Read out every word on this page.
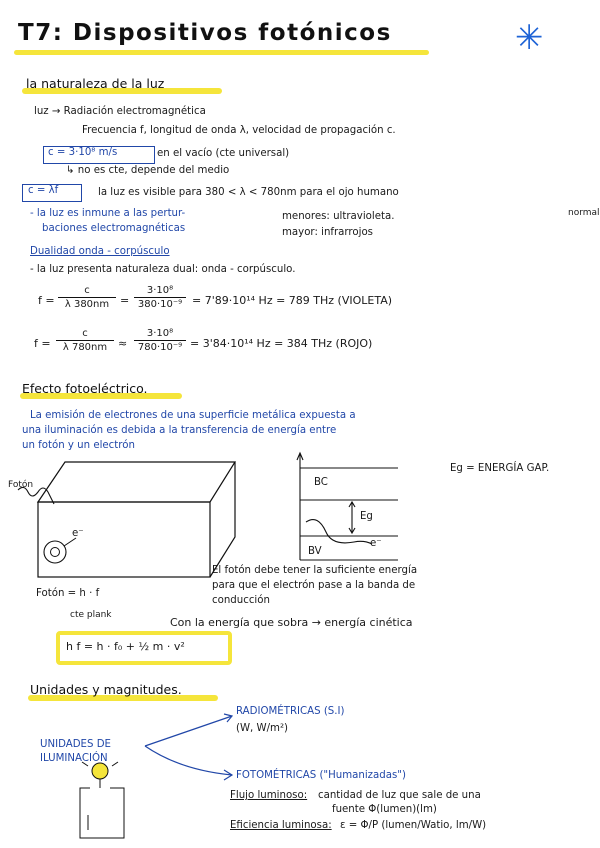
T7: Dispositivos fotónicos	✳
la naturaleza de la luz
luz → Radiación electromagnética
Frecuencia f, longitud de onda λ, velocidad de propagación c.
c = 3·10⁸ m/s	en el vacío (cte universal)
↳ no es cte, depende del medio
c = λf	la luz es visible para 380 < λ < 780nm para el ojo humano
normal
- la luz es inmune a las pertur-
baciones electromagnéticas
menores: ultravioleta.
mayor: infrarrojos
Dualidad onda - corpúsculo
- la luz presenta naturaleza dual: onda - corpúsculo.
f =
c
λ 380nm =
3·10⁸
380·10⁻⁹ = 7'89·10¹⁴ Hz = 789 THz (VIOLETA)
f =
c
λ 780nm ≈
3·10⁸
780·10⁻⁹ = 3'84·10¹⁴ Hz = 384 THz (ROJO)
Efecto fotoeléctrico.
La emisión de electrones de una superficie metálica expuesta a
una iluminación es debida a la transferencia de energía entre
un fotón y un electrón
Fotón
e⁻
Eg = ENERGÍA GAP.
BC
Eg
BV
e⁻
Fotón = h · f
cte plank
El fotón debe tener la suficiente energía
para que el electrón pase a la banda de
conducción
Con la energía que sobra → energía cinética
h f = h · f₀ + ½ m · v²
Unidades y magnitudes.
UNIDADES DE
ILUMINACIÓN
RADIOMÉTRICAS (S.I)
(W, W/m²)
FOTOMÉTRICAS ("Humanizadas")
Flujo luminoso: cantidad de luz que sale de una
fuente Φ(lumen)(lm)
Eficiencia luminosa: ε = Φ/P (lumen/Watio, lm/W)
